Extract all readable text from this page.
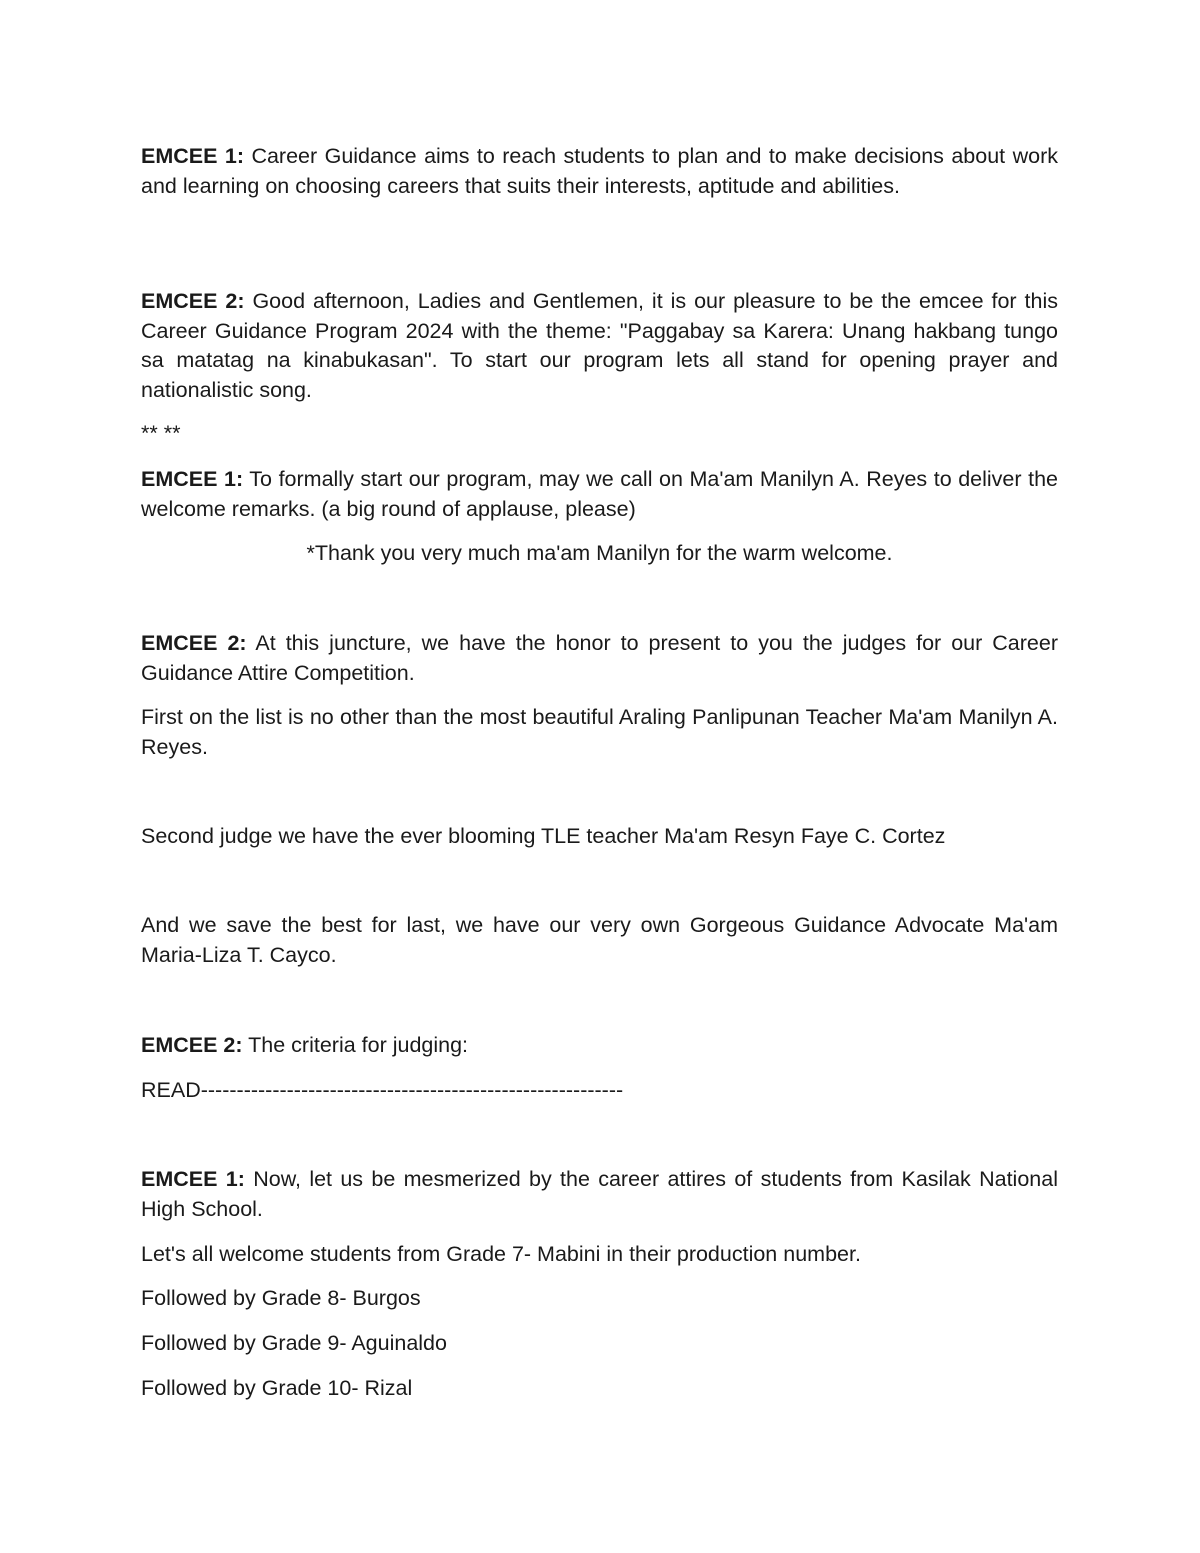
EMCEE 1: Career Guidance aims to reach students to plan and to make decisions about work and learning on choosing careers that suits their interests, aptitude and abilities.

EMCEE 2: Good afternoon, Ladies and Gentlemen, it is our pleasure to be the emcee for this Career Guidance Program 2024 with the theme: "Paggabay sa Karera: Unang hakbang tungo sa matatag na kinabukasan". To start our program lets all stand for opening prayer and nationalistic song.

** **

EMCEE 1: To formally start our program, may we call on Ma'am Manilyn A. Reyes to deliver the welcome remarks. (a big round of applause, please)

*Thank you very much ma'am Manilyn for the warm welcome.

EMCEE 2: At this juncture, we have the honor to present to you the judges for our Career Guidance Attire Competition.

First on the list is no other than the most beautiful Araling Panlipunan Teacher Ma'am Manilyn A. Reyes.

Second judge we have the ever blooming TLE teacher Ma'am Resyn Faye C. Cortez

And we save the best for last, we have our very own Gorgeous Guidance Advocate Ma'am Maria-Liza T. Cayco.

EMCEE 2: The criteria for judging:

READ-----------------------------------------------------------

EMCEE 1: Now, let us be mesmerized by the career attires of students from Kasilak National High School.

Let's all welcome students from Grade 7- Mabini in their production number.

Followed by Grade 8- Burgos

Followed by Grade 9- Aguinaldo

Followed by Grade 10- Rizal
